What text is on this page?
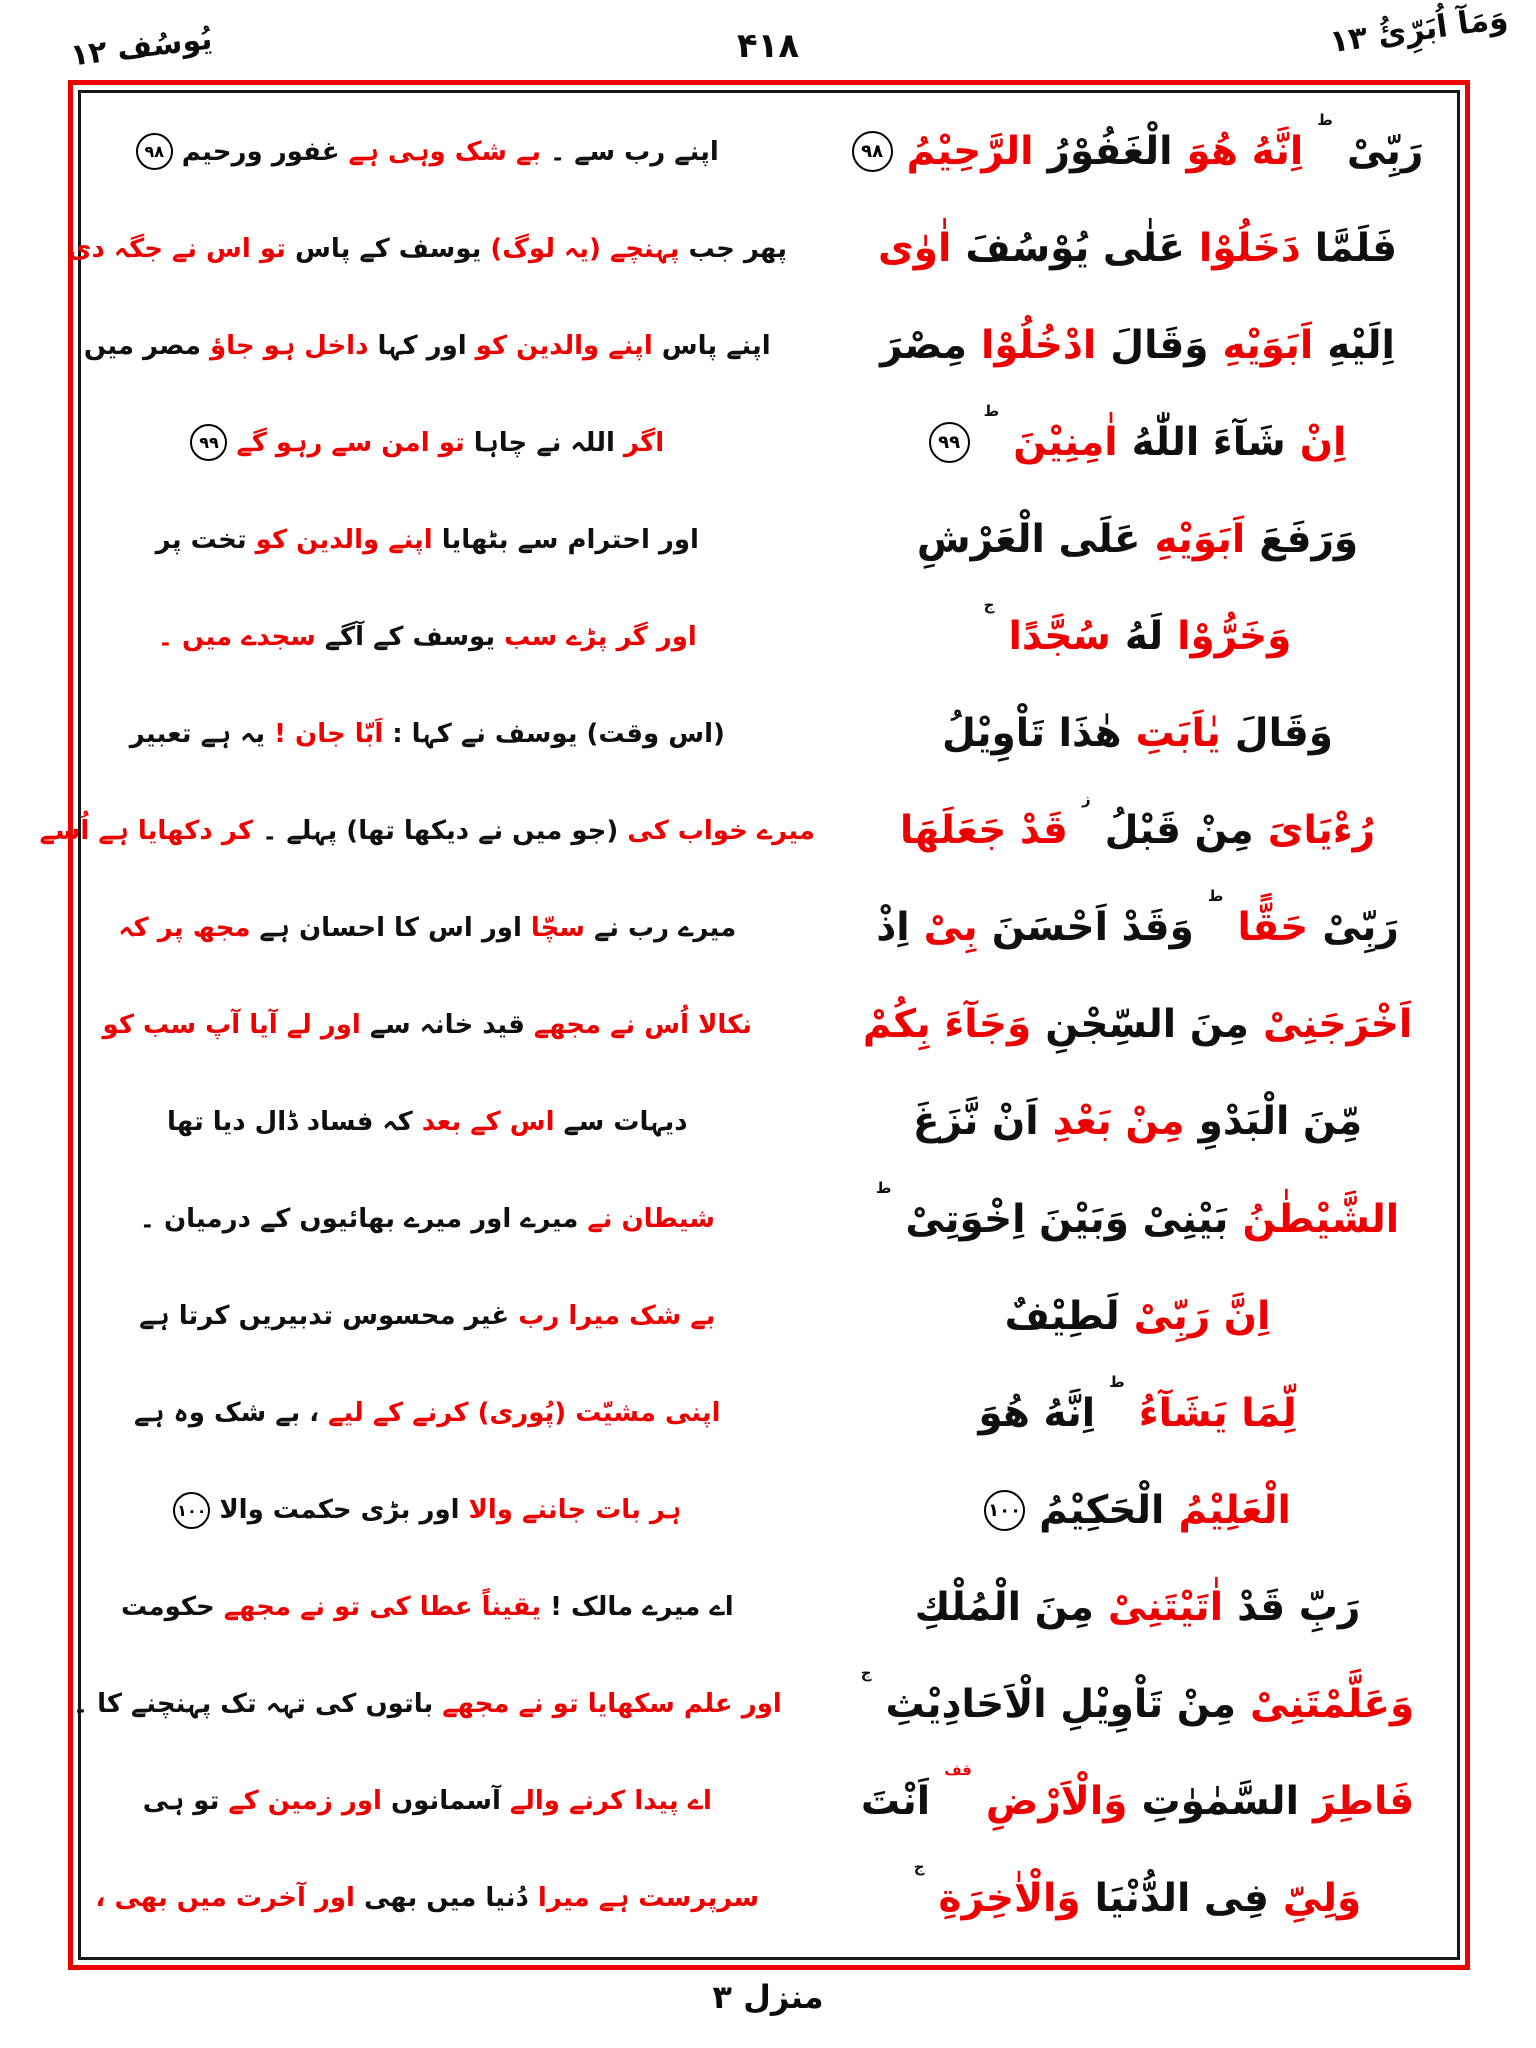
یُوسُف ۱۲	۴۱۸	وَمَآ اُبَرِّئُ ۱۳
اپنے رب سے ۔
بے شک وہی ہے
غفور ورحیم
۹۸
پھر جب
پہنچے (یہ لوگ)
یوسف کے پاس
تو اس نے جگہ دی
اپنے پاس
اپنے والدین کو
اور کہا
داخل ہو جاؤ
مصر میں
اگر
اللہ نے چاہا
تو امن سے رہو گے
۹۹
اور احترام سے بٹھایا
اپنے والدین کو
تخت پر
اور گر پڑے سب
یوسف کے آگے
سجدے میں ۔
(اس وقت) یوسف نے کہا :
اَبّا جان !
یہ ہے تعبیر
میرے خواب کی
(جو میں نے دیکھا تھا) پہلے ۔
کر دکھایا ہے اُسے
میرے رب نے
سچّا
اور اس کا احسان ہے
مجھ پر کہ
نکالا اُس نے مجھے
قید خانہ سے
اور لے آیا آپ سب کو
دیہات سے
اس کے بعد
کہ فساد ڈال دیا تھا
شیطان نے
میرے اور میرے بھائیوں کے درمیان ۔
بے شک میرا رب
غیر محسوس تدبیریں کرتا ہے
اپنی مشیّت (پُوری) کرنے کے لیے
، بے شک وہ ہے
ہر بات جاننے والا
اور بڑی حکمت والا
۱۰۰
اے میرے مالک !
یقیناً عطا کی تو نے مجھے
حکومت
اور علم سکھایا تو نے مجھے
باتوں کی تہہ تک پہنچنے کا ۔
اے پیدا کرنے والے
آسمانوں
اور زمین کے
تو ہی
سرپرست ہے میرا
دُنیا میں بھی
اور آخرت میں بھی ،
رَبِّیْ
ط
اِنَّهُ هُوَ
الْغَفُوْرُ
الرَّحِیْمُ
۹۸
فَلَمَّا
دَخَلُوْا
عَلٰی یُوْسُفَ
اٰوٰی
اِلَیْهِ
اَبَوَیْهِ
وَقَالَ
ادْخُلُوْا
مِصْرَ
اِنْ
شَآءَ اللّٰهُ
اٰمِنِیْنَ
ط
۹۹
وَرَفَعَ
اَبَوَیْهِ
عَلَی الْعَرْشِ
وَخَرُّوْا
لَهُ
سُجَّدًا
ج
وَقَالَ
یٰاَبَتِ
هٰذَا تَاْوِیْلُ
رُءْیَایَ
مِنْ قَبْلُ
ز
قَدْ جَعَلَهَا
رَبِّیْ
حَقًّا
ط
وَقَدْ اَحْسَنَ
بِیْ
اِذْ
اَخْرَجَنِیْ
مِنَ السِّجْنِ
وَجَآءَ بِكُمْ
مِّنَ الْبَدْوِ
مِنْ بَعْدِ
اَنْ نَّزَغَ
الشَّیْطٰنُ
بَیْنِیْ وَبَیْنَ اِخْوَتِیْ
ط
اِنَّ رَبِّیْ
لَطِیْفٌ
لِّمَا یَشَآءُ
ط
اِنَّهُ هُوَ
الْعَلِیْمُ
الْحَكِیْمُ
۱۰۰
رَبِّ قَدْ
اٰتَیْتَنِیْ
مِنَ الْمُلْكِ
وَعَلَّمْتَنِیْ
مِنْ تَاْوِیْلِ الْاَحَادِیْثِ
ج
فَاطِرَ
السَّمٰوٰتِ
وَالْاَرْضِ
قف
اَنْتَ
وَلِیِّ
فِی الدُّنْیَا
وَالْاٰخِرَةِ
ج
منزل ۳
